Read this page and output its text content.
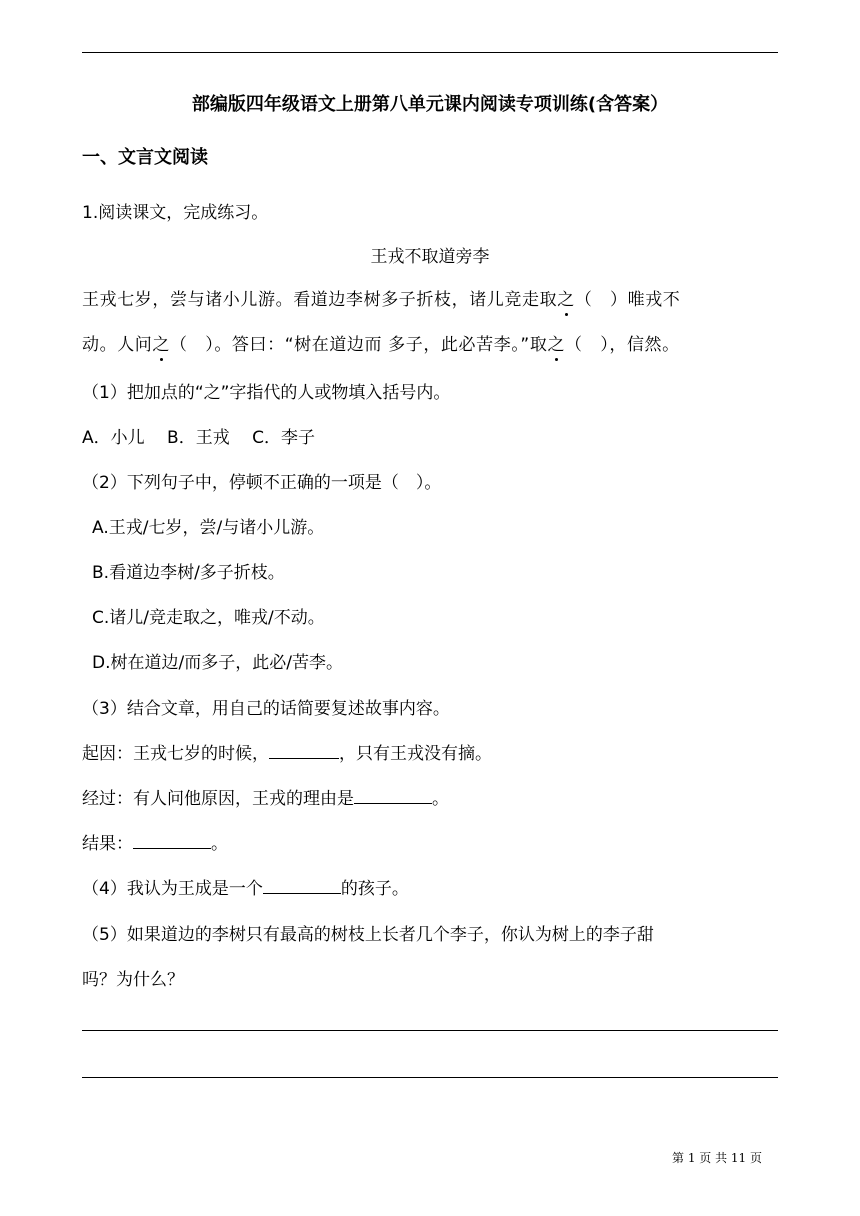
部编版四年级语文上册第八单元课内阅读专项训练(含答案）
一、文言文阅读
1.阅读课文，完成练习。
王戎不取道旁李
王戎七岁，尝与诸小儿游。看道边李树多子折枝，诸儿竞走取之（　）唯戎不
动。人问之（　）。答曰：“树在道边而 多子，此必苦李。”取之（　），信然。
（1）把加点的“之”字指代的人或物填入括号内。
A．小儿　 B．王戎　 C．李子
（2）下列句子中，停顿不正确的一项是（　）。
A.王戎/七岁，尝/与诸小儿游。
B.看道边李树/多子折枝。
C.诸儿/竞走取之，唯戎/不动。
D.树在道边/而多子，此必/苦李。
（3）结合文章，用自己的话简要复述故事内容。
起因：王戎七岁的时候，	，只有王戎没有摘。
经过：有人问他原因，王戎的理由是	。
结果：	。
（4）我认为王成是一个	的孩子。
（5）如果道边的李树只有最高的树枝上长者几个李子，你认为树上的李子甜
吗？为什么？
第 1 页 共 11 页
